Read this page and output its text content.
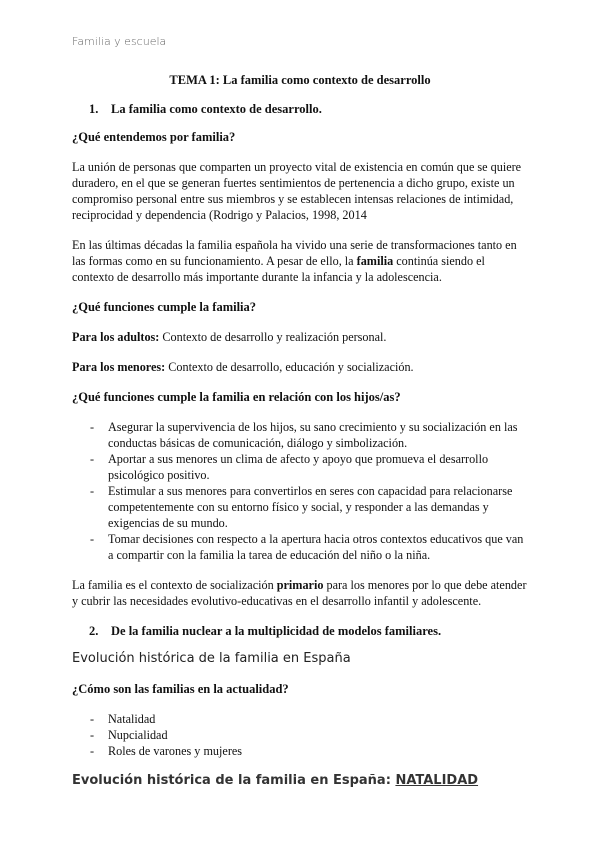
Familia y escuela
TEMA 1: La familia como contexto de desarrollo
1. La familia como contexto de desarrollo.
¿Qué entendemos por familia?

La unión de personas que comparten un proyecto vital de existencia en común que se quiere duradero, en el que se generan fuertes sentimientos de pertenencia a dicho grupo, existe un compromiso personal entre sus miembros y se establecen intensas relaciones de intimidad, reciprocidad y dependencia (Rodrigo y Palacios, 1998, 2014

En las últimas décadas la familia española ha vivido una serie de transformaciones tanto en las formas como en su funcionamiento. A pesar de ello, la familia continúa siendo el contexto de desarrollo más importante durante la infancia y la adolescencia.

¿Qué funciones cumple la familia?

Para los adultos: Contexto de desarrollo y realización personal.

Para los menores: Contexto de desarrollo, educación y socialización.

¿Qué funciones cumple la familia en relación con los hijos/as?
- Asegurar la supervivencia de los hijos, su sano crecimiento y su socialización en las conductas básicas de comunicación, diálogo y simbolización.
- Aportar a sus menores un clima de afecto y apoyo que promueva el desarrollo psicológico positivo.
- Estimular a sus menores para convertirlos en seres con capacidad para relacionarse competentemente con su entorno físico y social, y responder a las demandas y exigencias de su mundo.
- Tomar decisiones con respecto a la apertura hacia otros contextos educativos que van a compartir con la familia la tarea de educación del niño o la niña.

La familia es el contexto de socialización primario para los menores por lo que debe atender y cubrir las necesidades evolutivo-educativas en el desarrollo infantil y adolescente.

2. De la familia nuclear a la multiplicidad de modelos familiares.
Evolución histórica de la familia en España
¿Cómo son las familias en la actualidad?
- Natalidad
- Nupcialidad
- Roles de varones y mujeres
Evolución histórica de la familia en España: NATALIDAD
